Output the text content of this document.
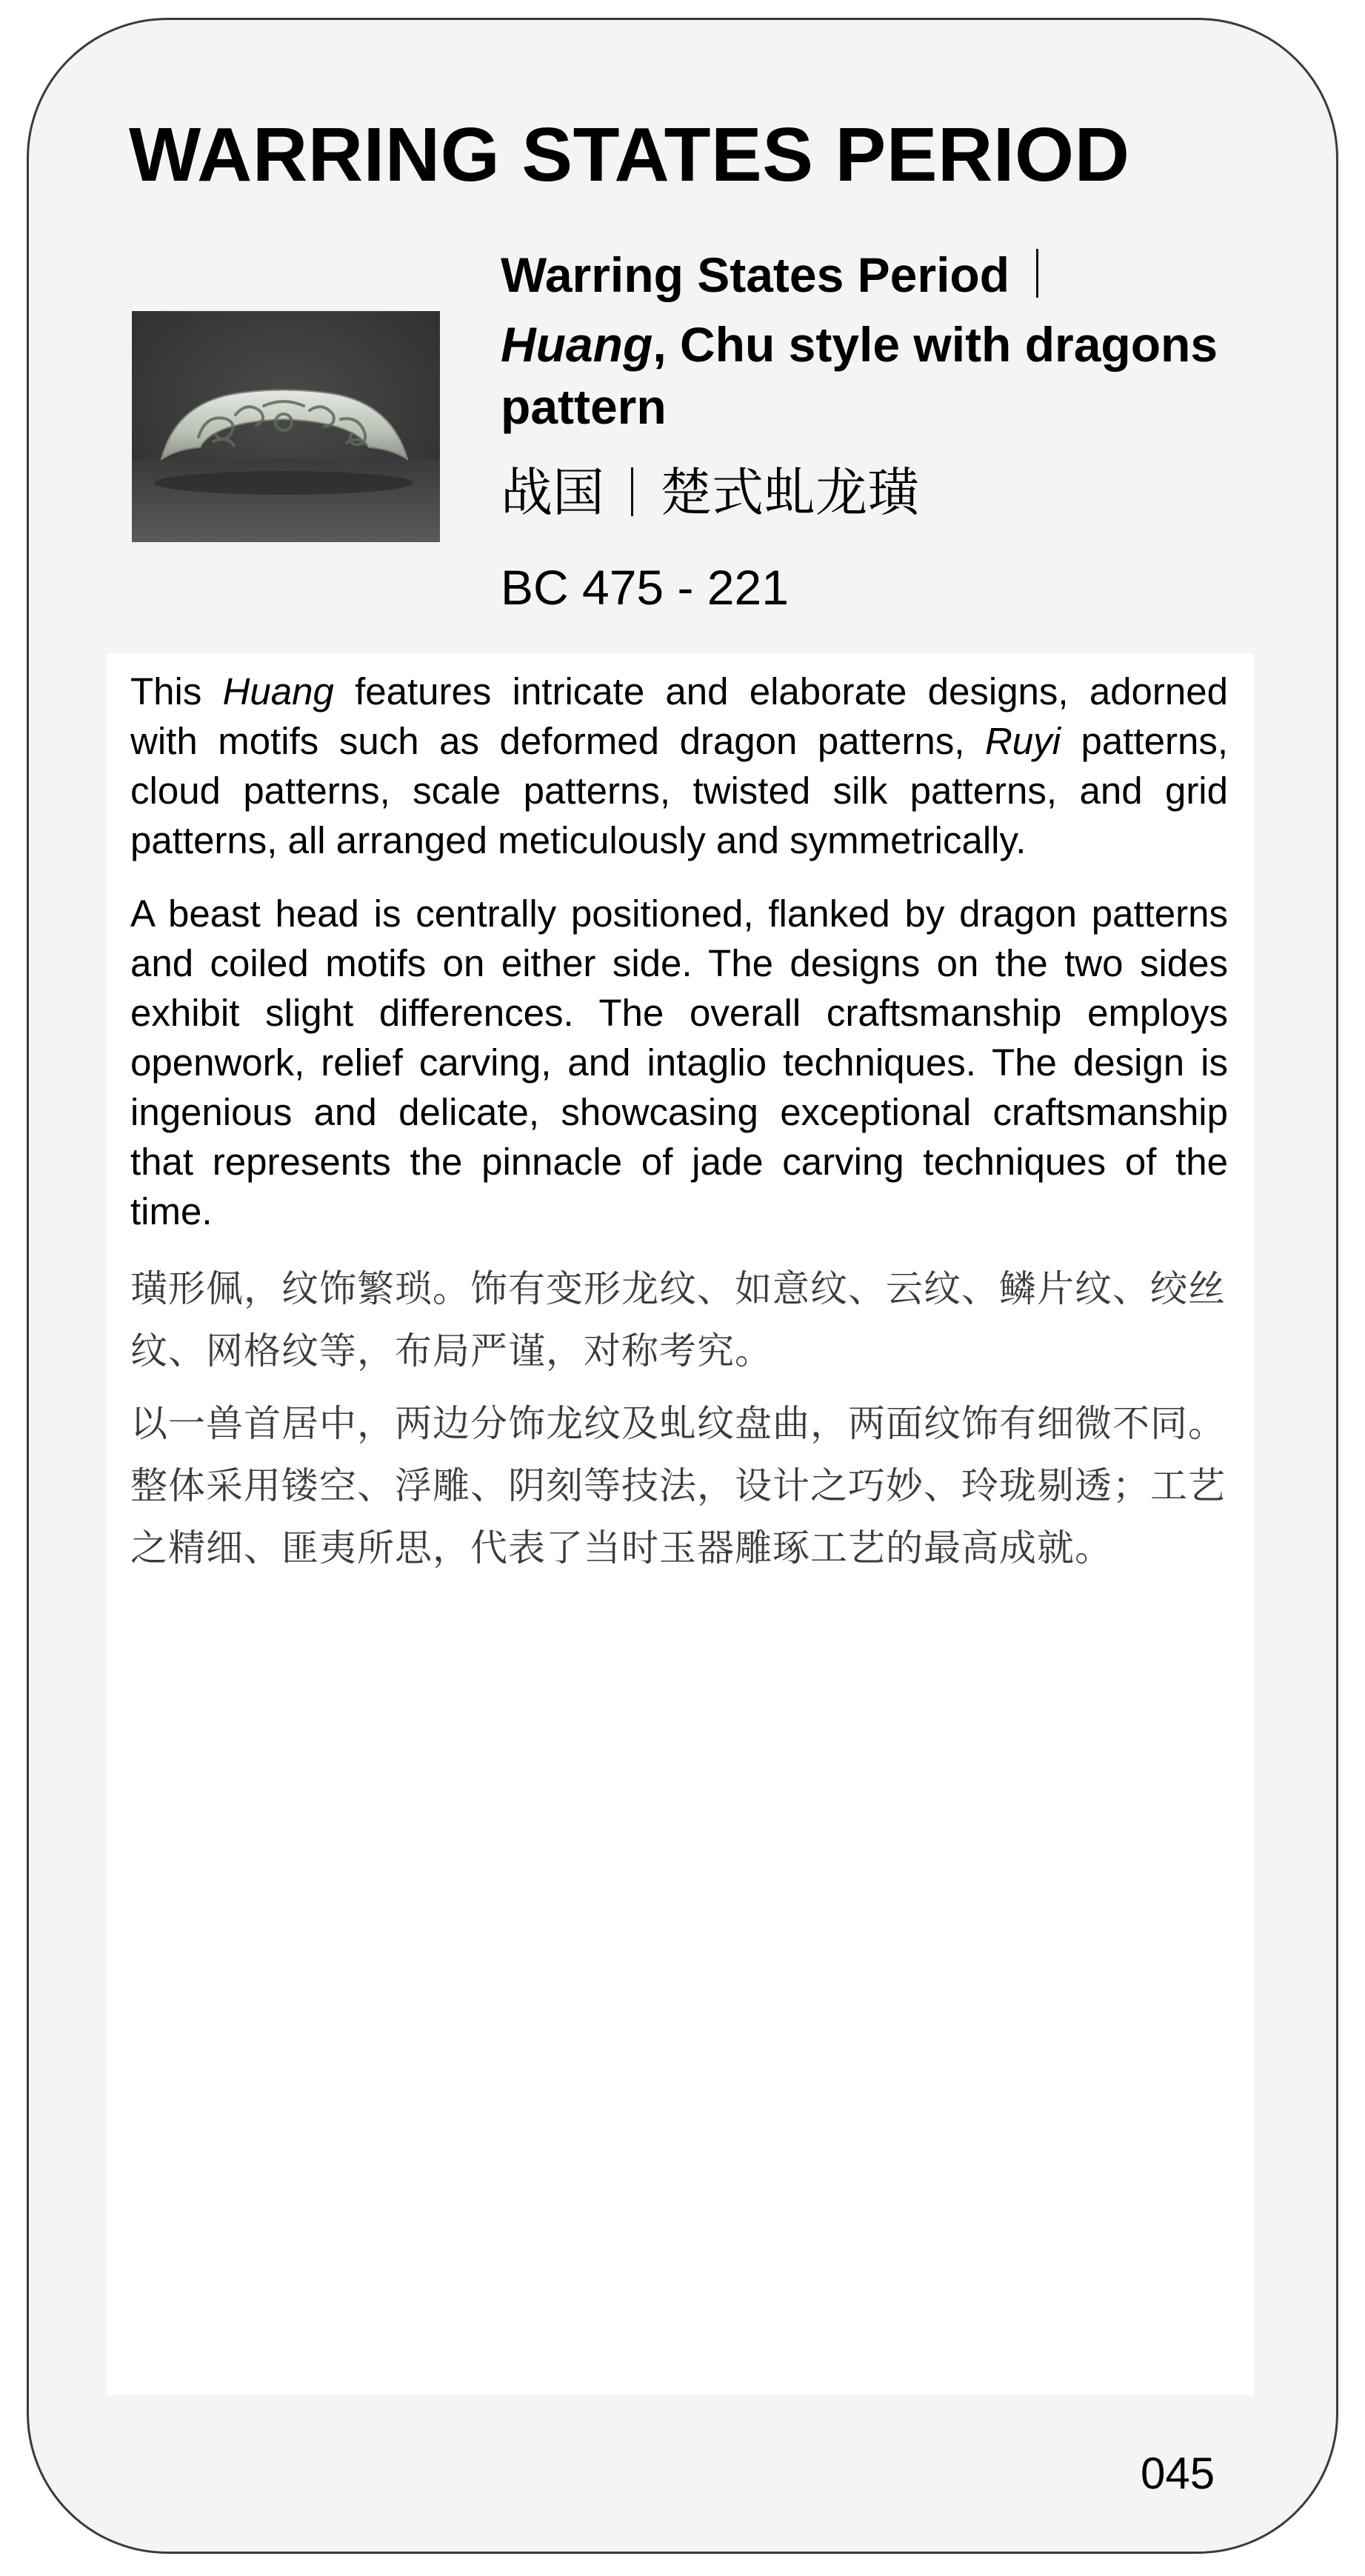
WARRING STATES PERIOD

Warring States Period

Huang, Chu style with dragons

pattern

战国 楚式虬龙璜

BC 475 - 221

This Huang features intricate and elaborate designs, adorned with motifs such as deformed dragon patterns, Ruyi patterns, cloud patterns, scale patterns, twisted silk patterns, and grid patterns, all arranged meticulously and symmetrically.

A beast head is centrally positioned, flanked by dragon patterns and coiled motifs on either side. The designs on the two sides exhibit slight differences. The overall craftsmanship employs openwork, relief carving, and intaglio techniques. The design is ingenious and delicate, showcasing exceptional craftsmanship that represents the pinnacle of jade carving techniques of the time.

璜形佩，纹饰繁琐。饰有变形龙纹、如意纹、云纹、鳞片纹、绞丝纹、网格纹等，布局严谨，对称考究。

以一兽首居中，两边分饰龙纹及虬纹盘曲，两面纹饰有细微不同。整体采用镂空、浮雕、阴刻等技法，设计之巧妙、玲珑剔透；工艺之精细、匪夷所思，代表了当时玉器雕琢工艺的最高成就。

045
